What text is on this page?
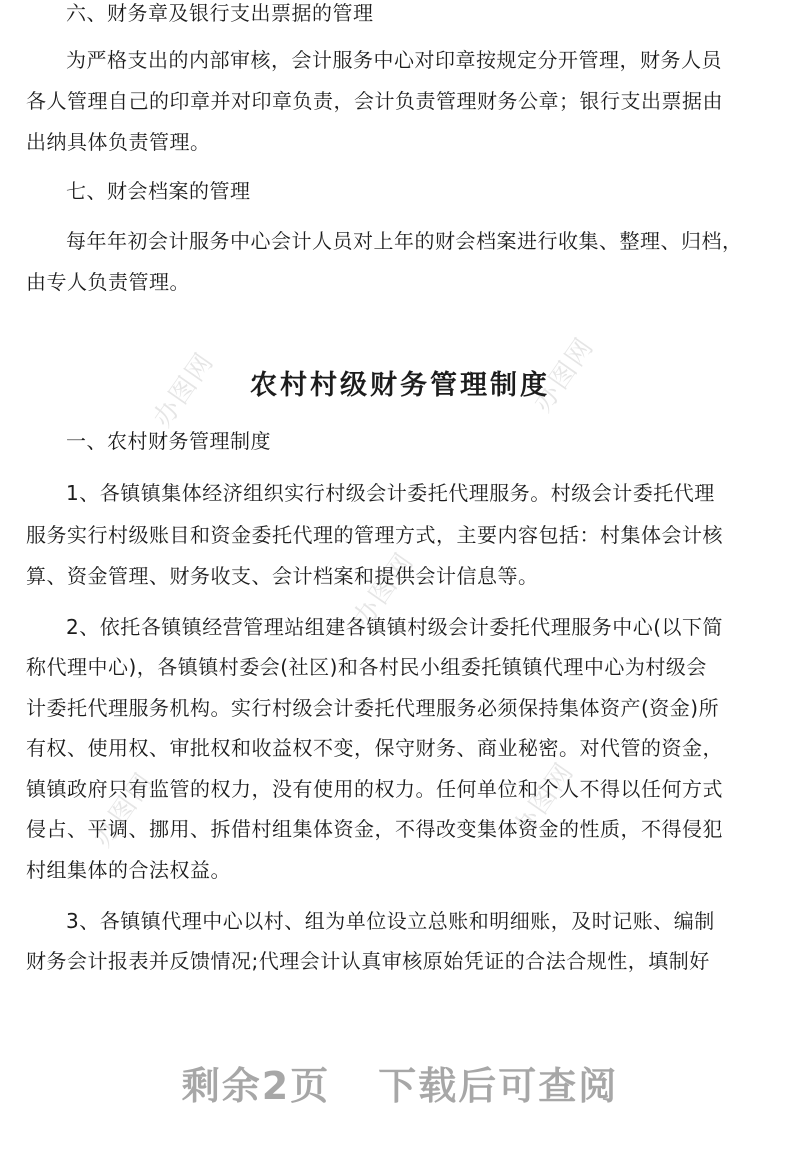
办图网	办图网
办图网
办图网	办图网
六、财务章及银行支出票据的管理
为严格支出的内部审核，会计服务中心对印章按规定分开管理，财务人员
各人管理自己的印章并对印章负责，会计负责管理财务公章；银行支出票据由
出纳具体负责管理。
七、财会档案的管理
每年年初会计服务中心会计人员对上年的财会档案进行收集、整理、归档，
由专人负责管理。
农村村级财务管理制度
一、农村财务管理制度
1、各镇镇集体经济组织实行村级会计委托代理服务。村级会计委托代理
服务实行村级账目和资金委托代理的管理方式，主要内容包括：村集体会计核
算、资金管理、财务收支、会计档案和提供会计信息等。
2、依托各镇镇经营管理站组建各镇镇村级会计委托代理服务中心(以下简
称代理中心)，各镇镇村委会(社区)和各村民小组委托镇镇代理中心为村级会
计委托代理服务机构。实行村级会计委托代理服务必须保持集体资产(资金)所
有权、使用权、审批权和收益权不变，保守财务、商业秘密。对代管的资金，
镇镇政府只有监管的权力，没有使用的权力。任何单位和个人不得以任何方式
侵占、平调、挪用、拆借村组集体资金，不得改变集体资金的性质，不得侵犯
村组集体的合法权益。
3、各镇镇代理中心以村、组为单位设立总账和明细账，及时记账、编制
财务会计报表并反馈情况;代理会计认真审核原始凭证的合法合规性，填制好
剩余2页 下载后可查阅
